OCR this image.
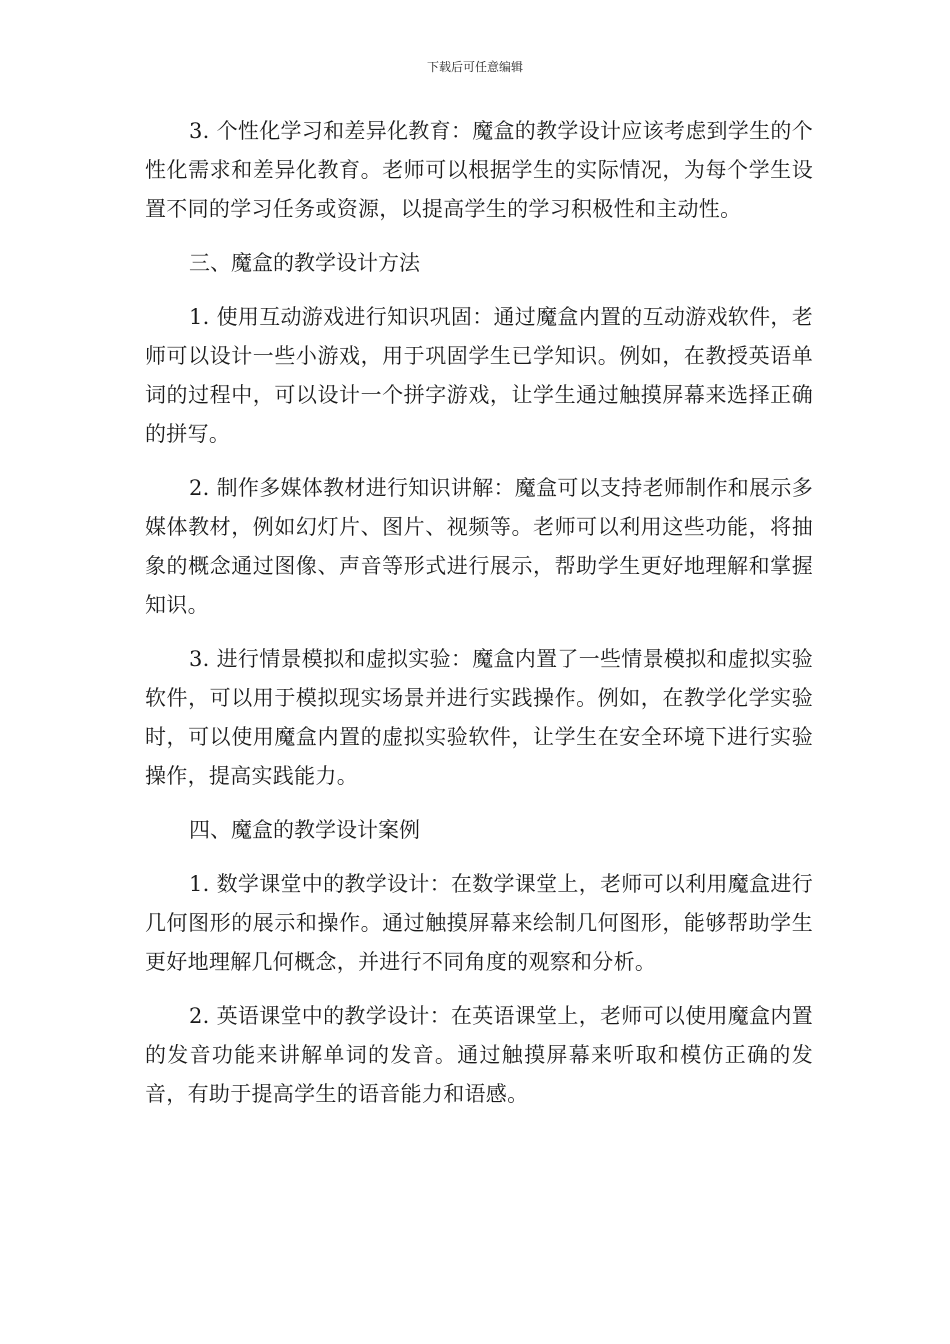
下载后可任意编辑

3. 个性化学习和差异化教育：魔盒的教学设计应该考虑到学生的个性化需求和差异化教育。老师可以根据学生的实际情况，为每个学生设置不同的学习任务或资源，以提高学生的学习积极性和主动性。

三、魔盒的教学设计方法

1. 使用互动游戏进行知识巩固：通过魔盒内置的互动游戏软件，老师可以设计一些小游戏，用于巩固学生已学知识。例如，在教授英语单词的过程中，可以设计一个拼字游戏，让学生通过触摸屏幕来选择正确的拼写。

2. 制作多媒体教材进行知识讲解：魔盒可以支持老师制作和展示多媒体教材，例如幻灯片、图片、视频等。老师可以利用这些功能，将抽象的概念通过图像、声音等形式进行展示，帮助学生更好地理解和掌握知识。

3. 进行情景模拟和虚拟实验：魔盒内置了一些情景模拟和虚拟实验软件，可以用于模拟现实场景并进行实践操作。例如，在教学化学实验时，可以使用魔盒内置的虚拟实验软件，让学生在安全环境下进行实验操作，提高实践能力。

四、魔盒的教学设计案例

1. 数学课堂中的教学设计：在数学课堂上，老师可以利用魔盒进行几何图形的展示和操作。通过触摸屏幕来绘制几何图形，能够帮助学生更好地理解几何概念，并进行不同角度的观察和分析。

2. 英语课堂中的教学设计：在英语课堂上，老师可以使用魔盒内置的发音功能来讲解单词的发音。通过触摸屏幕来听取和模仿正确的发音，有助于提高学生的语音能力和语感。
